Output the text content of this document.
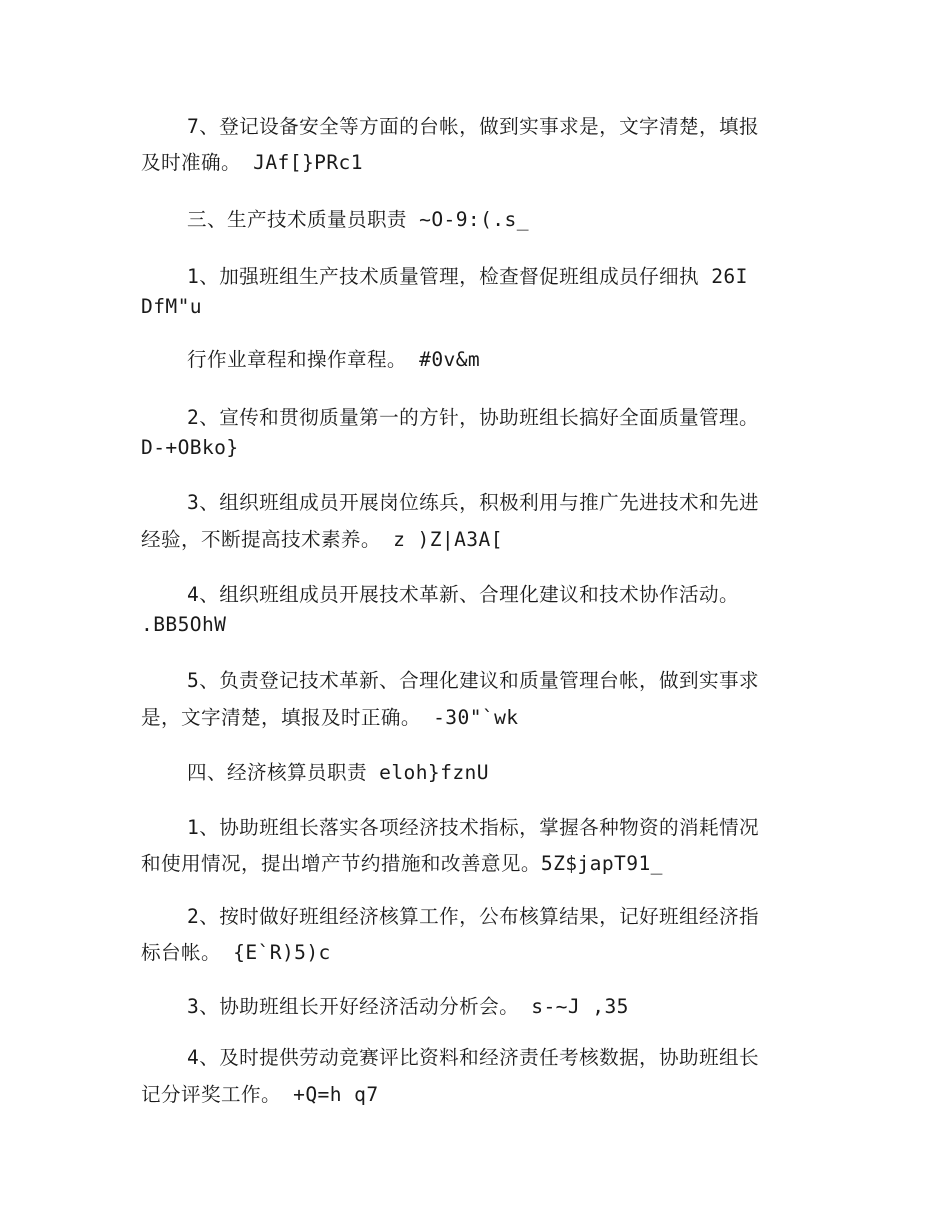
7、登记设备安全等方面的台帐，做到实事求是，文字清楚，填报
及时准确。 JAf[}PRc1
三、生产技术质量员职责 ~O-9:(.s_
1、加强班组生产技术质量管理，检查督促班组成员仔细执 26I
DfM"u
行作业章程和操作章程。 #0v&m
2、宣传和贯彻质量第一的方针，协助班组长搞好全面质量管理。
D-+OBko}
3、组织班组成员开展岗位练兵，积极利用与推广先进技术和先进
经验，不断提高技术素养。 z )Z|A3A[
4、组织班组成员开展技术革新、合理化建议和技术协作活动。
.BB5OhW
5、负责登记技术革新、合理化建议和质量管理台帐，做到实事求
是，文字清楚，填报及时正确。 -30"`wk
四、经济核算员职责 eloh}fznU
1、协助班组长落实各项经济技术指标，掌握各种物资的消耗情况
和使用情况，提出增产节约措施和改善意见。5Z$japT91_
2、按时做好班组经济核算工作，公布核算结果，记好班组经济指
标台帐。 {E`R)5)c
3、协助班组长开好经济活动分析会。 s-~J ,35
4、及时提供劳动竞赛评比资料和经济责任考核数据，协助班组长
记分评奖工作。 +Q=h q7
